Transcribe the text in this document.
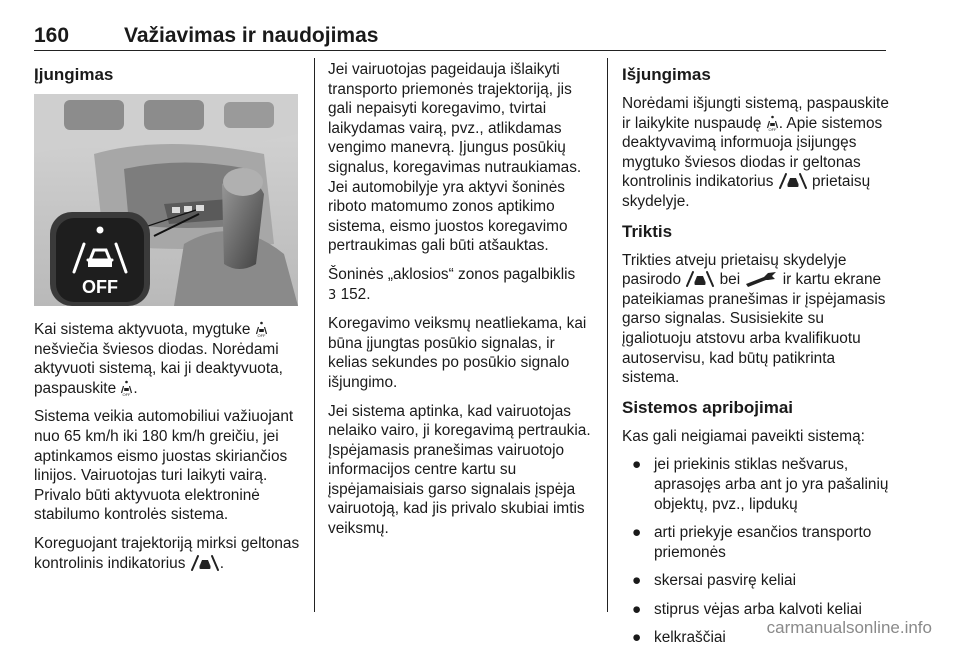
160	Važiavimas ir naudojimas
Įjungimas
OFF

Kai sistema aktyvuota, mygtuke OFF
nešviečia šviesos diodas. Norėdami aktyvuoti sistemą, kai ji deaktyvuota, paspauskite OFF .

Sistema veikia automobiliui važiuojant nuo 65 km/h iki 180 km/h greičiu, jei aptinkamos eismo juostas skiriančios linijos. Vairuotojas turi laikyti vairą. Privalo būti aktyvuota elektroninė stabilumo kontrolės sistema.

Koreguojant trajektoriją mirksi geltonas kontrolinis indikatorius .

Jei vairuotojas pageidauja išlaikyti transporto priemonės trajektoriją, jis gali nepaisyti koregavimo, tvirtai laikydamas vairą, pvz., atlikdamas vengimo manevrą. Įjungus posūkių signalus, koregavimas nutraukiamas. Jei automobilyje yra aktyvi šoninės riboto matomumo zonos aptikimo sistema, eismo juostos koregavimo pertraukimas gali būti atšauktas.

Šoninės „aklosios“ zonos pagalbiklis
3 152.

Koregavimo veiksmų neatliekama, kai būna įjungtas posūkio signalas, ir kelias sekundes po posūkio signalo išjungimo.

Jei sistema aptinka, kad vairuotojas nelaiko vairo, ji koregavimą pertraukia. Įspėjamasis pranešimas vairuotojo informacijos centre kartu su įspėjamaisiais garso signalais įspėja vairuotoją, kad jis privalo skubiai imtis veiksmų.

Išjungimas

Norėdami išjungti sistemą, paspauskite ir laikykite nuspaudę OFF . Apie sistemos deaktyvavimą informuoja įsijungęs mygtuko šviesos diodas ir geltonas kontrolinis indikatorius	prietaisų skydelyje.

Triktis

Trikties atveju prietaisų skydelyje pasirodo	bei	ir kartu ekrane pateikiamas pranešimas ir įspėjamasis garso signalas. Susisiekite su įgaliotuoju atstovu arba kvalifikuotu autoservisu, kad būtų patikrinta sistema.

Sistemos apribojimai

Kas gali neigiamai paveikti sistemą:

● jei priekinis stiklas nešvarus, aprasojęs arba ant jo yra pašalinių objektų, pvz., lipdukų
● arti priekyje esančios transporto priemonės
● skersai pasvirę keliai
● stiprus vėjas arba kalvoti keliai
● kelkraščiai
carmanualsonline.info
